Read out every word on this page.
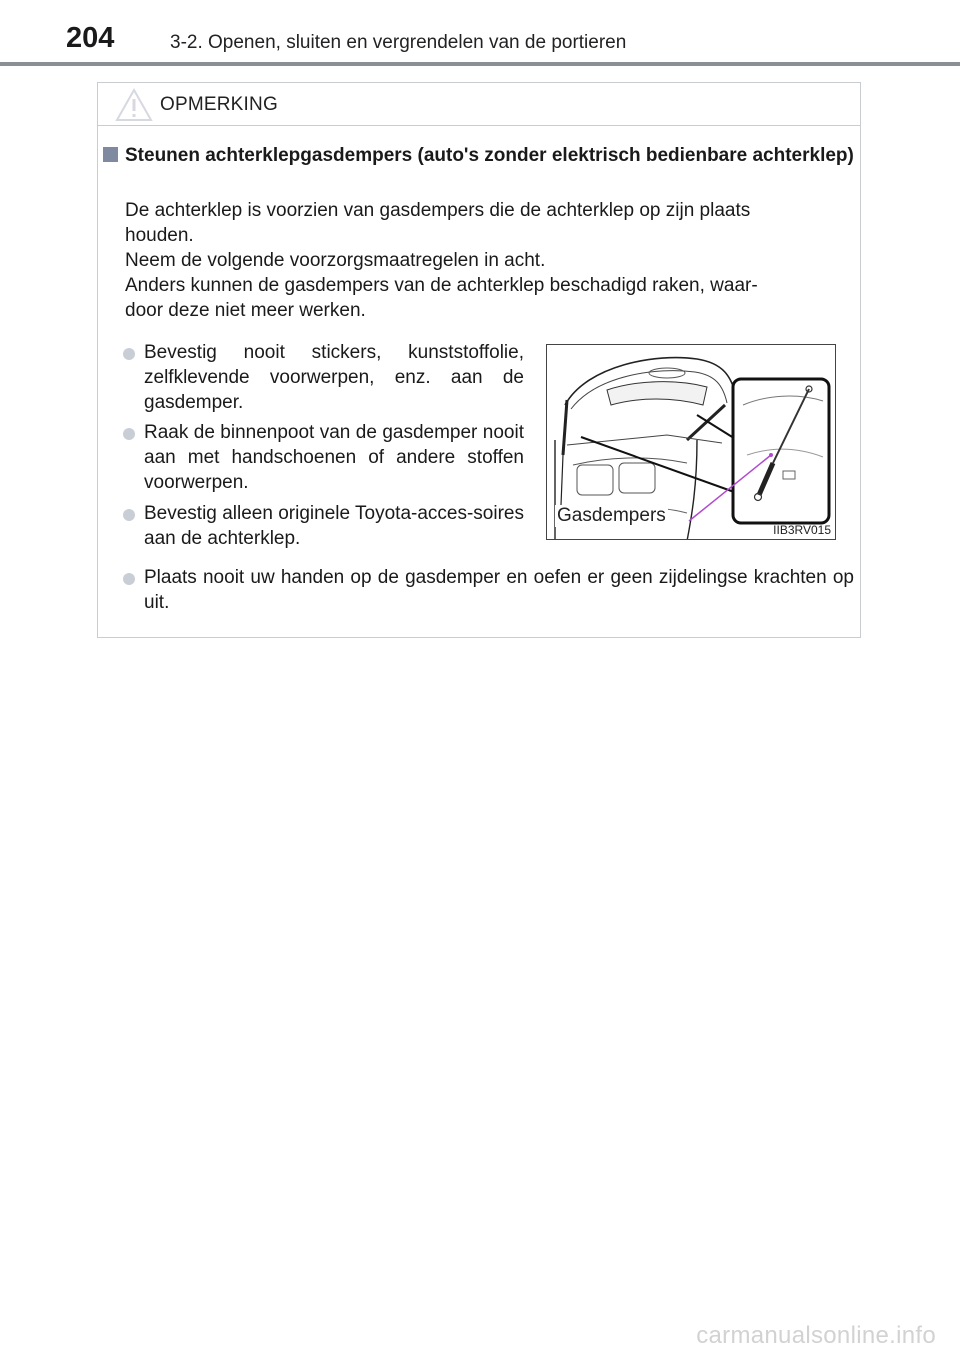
204	3-2. Openen, sluiten en vergrendelen van de portieren
OPMERKING
Steunen achterklepgasdempers (auto's zonder elektrisch bedienbare achterklep)
De achterklep is voorzien van gasdempers die de achterklep op zijn plaats
houden.
Neem de volgende voorzorgsmaatregelen in acht.
Anders kunnen de gasdempers van de achterklep beschadigd raken, waar-
door deze niet meer werken.
Bevestig nooit stickers, kunststoffolie, zelfklevende voorwerpen, enz. aan de gasdemper.
Raak de binnenpoot van de gasdemper nooit aan met handschoenen of andere stoffen voorwerpen.
Bevestig alleen originele Toyota-acces-soires aan de achterklep.
Plaats nooit uw handen op de gasdemper en oefen er geen zijdelingse krachten op uit.
Gasdempers
IIB3RV015
carmanualsonline.info
